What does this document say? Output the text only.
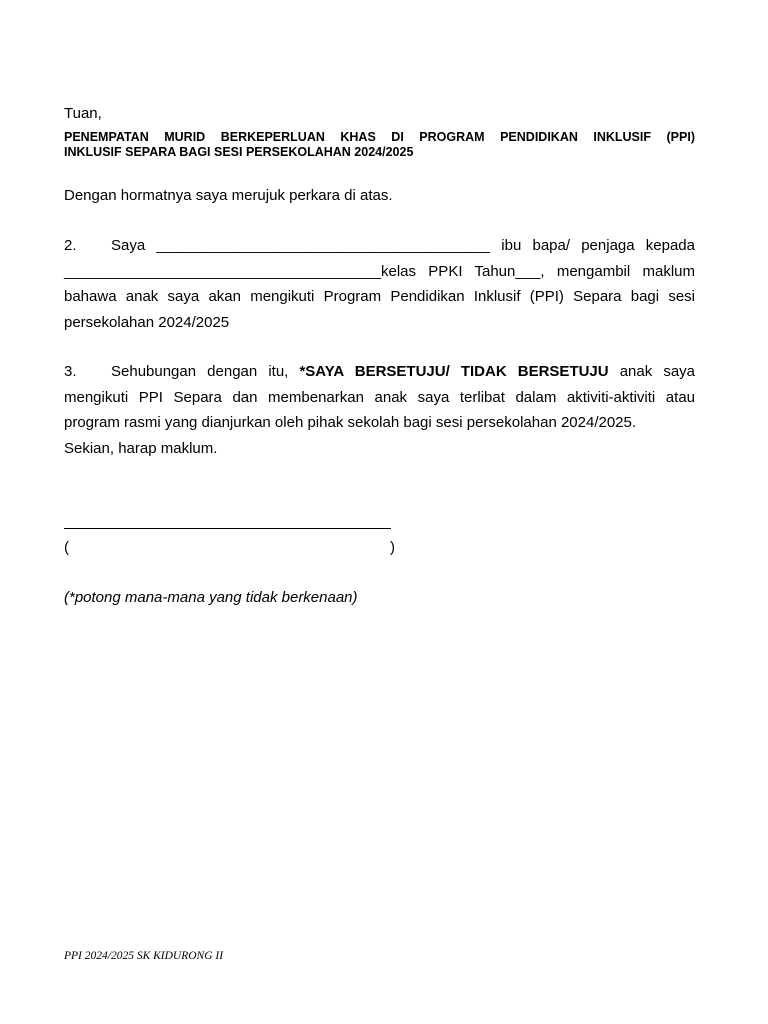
Tuan,
PENEMPATAN MURID BERKEPERLUAN KHAS DI PROGRAM PENDIDIKAN INKLUSIF (PPI)
INKLUSIF SEPARA BAGI SESI PERSEKOLAHAN 2024/2025
Dengan hormatnya saya merujuk perkara di atas.
2. Saya ________________________________________ ibu bapa/ penjaga kepada
______________________________________kelas PPKI Tahun___, mengambil maklum
bahawa anak saya akan mengikuti Program Pendidikan Inklusif (PPI) Separa bagi sesi
persekolahan 2024/2025
3. Sehubungan dengan itu, *SAYA BERSETUJU/ TIDAK BERSETUJU anak saya
mengikuti PPI Separa dan membenarkan anak saya terlibat dalam aktiviti-aktiviti atau
program rasmi yang dianjurkan oleh pihak sekolah bagi sesi persekolahan 2024/2025.
Sekian, harap maklum.
(	)
(*potong mana-mana yang tidak berkenaan)
PPI 2024/2025 SK KIDURONG II
